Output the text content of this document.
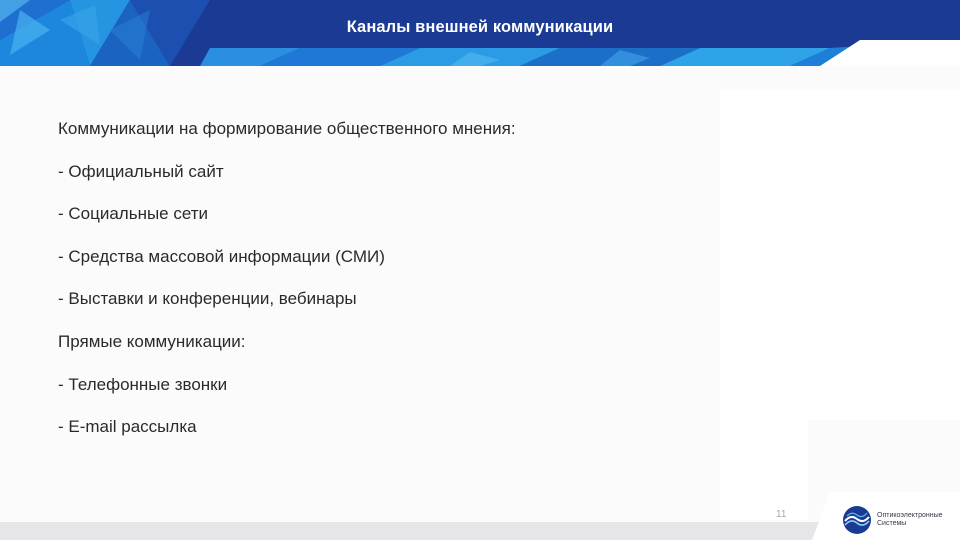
Каналы внешней коммуникации
Коммуникации на формирование общественного мнения:
- Официальный сайт
- Социальные сети
- Средства массовой информации (СМИ)
- Выставки и конференции, вебинары
Прямые коммуникации:
- Телефонные звонки
- E-mail рассылка
11	Оптикоэлектронные
Системы
